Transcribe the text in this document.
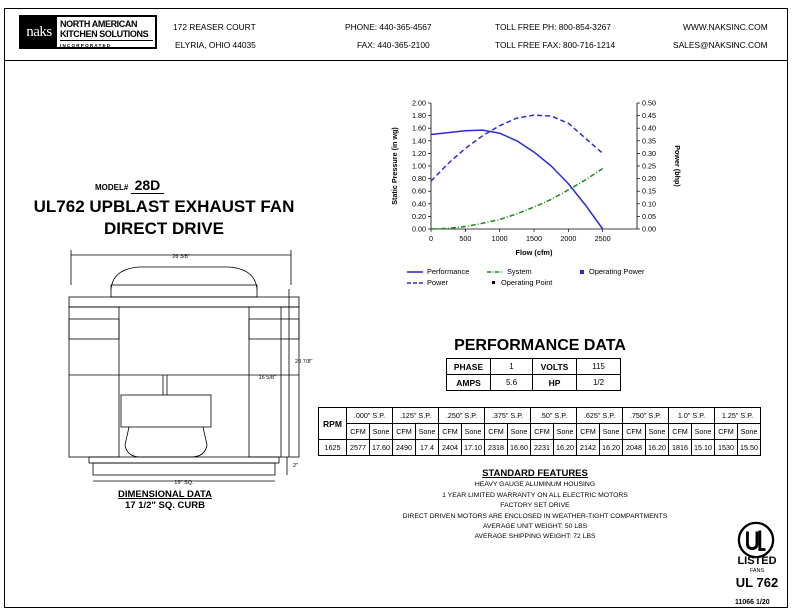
naks NORTH AMERICAN
KITCHEN SOLUTIONS
INCORPORATED
172 REASER COURT
ELYRIA, OHIO 44035
PHONE: 440-365-4567
FAX: 440-365-2100
TOLL FREE PH: 800-854-3267
TOLL FREE FAX: 800-716-1214
WWW.NAKSINC.COM
SALES@NAKSINC.COM
MODEL# 28D
UL762 UPBLAST EXHAUST FAN
DIRECT DRIVE
26 3/8"
20 7/8"
16 5/8"
2"
19" SQ.
DIMENSIONAL DATA
17 1/2" SQ. CURB
0.00
0.20
0.40
0.60
0.80
1.00
1.20
1.40
1.60
1.80
2.00
0.00
0.05
0.10
0.15
0.20
0.25
0.30
0.35
0.40
0.45
0.50
0	500	1000	1500	2000	2500
Flow (cfm)
Static Pressure (in wg)	Power (bhp)
Performance	System	Operating Power
Power	Operating Point
PERFORMANCE DATA
PHASE	1	VOLTS	115
AMPS	5.6	HP	1/2
RPM	.000" S.P.		.125" S.P.		.250" S.P.		.375" S.P.		.50" S.P.		.625" S.P.		.750" S.P.		1.0" S.P.		1.25" S.P.	
	CFM	Sone	CFM	Sone	CFM	Sone	CFM	Sone	CFM	Sone	CFM	Sone	CFM	Sone	CFM	Sone	CFM	Sone
1625	2577	17.60	2490	17.4	2404	17.10	2318	16.60	2231	16.20	2142	16.20	2048	16.20	1816	15.10	1530	15.50
STANDARD FEATURES
HEAVY GAUGE ALUMINUM HOUSING
1 YEAR LIMITED WARRANTY ON ALL ELECTRIC MOTORS
FACTORY SET DRIVE
DIRECT DRIVEN MOTORS ARE ENCLOSED IN WEATHER-TIGHT COMPARTMENTS
AVERAGE UNIT WEIGHT: 50 LBS
AVERAGE SHIPPING WEIGHT: 72 LBS
LISTED
FANS
UL 762
11066 1/20
